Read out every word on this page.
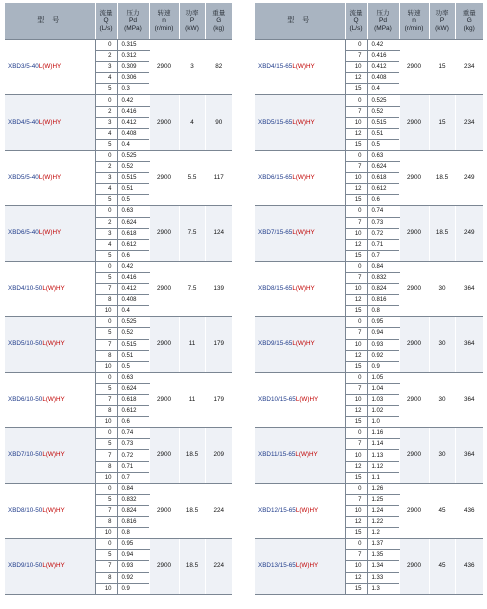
型 号	流量
Q
(L/s)	压力
Pd
(MPa)	转速
n
(r/min)	功率
P
(kW)	重量
G
(kg)
XBD3/5-40L(W)HY	0	0.315	2900	3	82
	2	0.312			
	3	0.309			
	4	0.306			
	5	0.3			
XBD4/5-40L(W)HY	0	0.42	2900	4	90
	2	0.416			
	3	0.412			
	4	0.408			
	5	0.4			
XBD5/5-40L(W)HY	0	0.525	2900	5.5	117
	2	0.52			
	3	0.515			
	4	0.51			
	5	0.5			
XBD6/5-40L(W)HY	0	0.63	2900	7.5	124
	2	0.624			
	3	0.618			
	4	0.612			
	5	0.6			
XBD4/10-50L(W)HY	0	0.42	2900	7.5	139
	5	0.416			
	7	0.412			
	8	0.408			
	10	0.4			
XBD5/10-50L(W)HY	0	0.525	2900	11	179
	5	0.52			
	7	0.515			
	8	0.51			
	10	0.5			
XBD6/10-50L(W)HY	0	0.63	2900	11	179
	5	0.624			
	7	0.618			
	8	0.612			
	10	0.6			
XBD7/10-50L(W)HY	0	0.74	2900	18.5	209
	5	0.73			
	7	0.72			
	8	0.71			
	10	0.7			
XBD8/10-50L(W)HY	0	0.84	2900	18.5	224
	5	0.832			
	7	0.824			
	8	0.816			
	10	0.8			
XBD9/10-50L(W)HY	0	0.95	2900	18.5	224
	5	0.94			
	7	0.93			
	8	0.92			
	10	0.9			
型 号	流量
Q
(L/s)	压力
Pd
(MPa)	转速
n
(r/min)	功率
P
(kW)	重量
G
(kg)
XBD4/15-65L(W)HY	0	0.42	2900	15	234
	7	0.416			
	10	0.412			
	12	0.408			
	15	0.4			
XBD5/15-65L(W)HY	0	0.525	2900	15	234
	7	0.52			
	10	0.515			
	12	0.51			
	15	0.5			
XBD6/15-65L(W)HY	0	0.63	2900	18.5	249
	7	0.624			
	10	0.618			
	12	0.612			
	15	0.6			
XBD7/15-65L(W)HY	0	0.74	2900	18.5	249
	7	0.73			
	10	0.72			
	12	0.71			
	15	0.7			
XBD8/15-65L(W)HY	0	0.84	2900	30	364
	7	0.832			
	10	0.824			
	12	0.816			
	15	0.8			
XBD9/15-65L(W)HY	0	0.95	2900	30	364
	7	0.94			
	10	0.93			
	12	0.92			
	15	0.9			
XBD10/15-65L(W)HY	0	1.05	2900	30	364
	7	1.04			
	10	1.03			
	12	1.02			
	15	1.0			
XBD11/15-65L(W)HY	0	1.16	2900	30	364
	7	1.14			
	10	1.13			
	12	1.12			
	15	1.1			
XBD12/15-65L(W)HY	0	1.26	2900	45	436
	7	1.25			
	10	1.24			
	12	1.22			
	15	1.2			
XBD13/15-65L(W)HY	0	1.37	2900	45	436
	7	1.35			
	10	1.34			
	12	1.33			
	15	1.3			
